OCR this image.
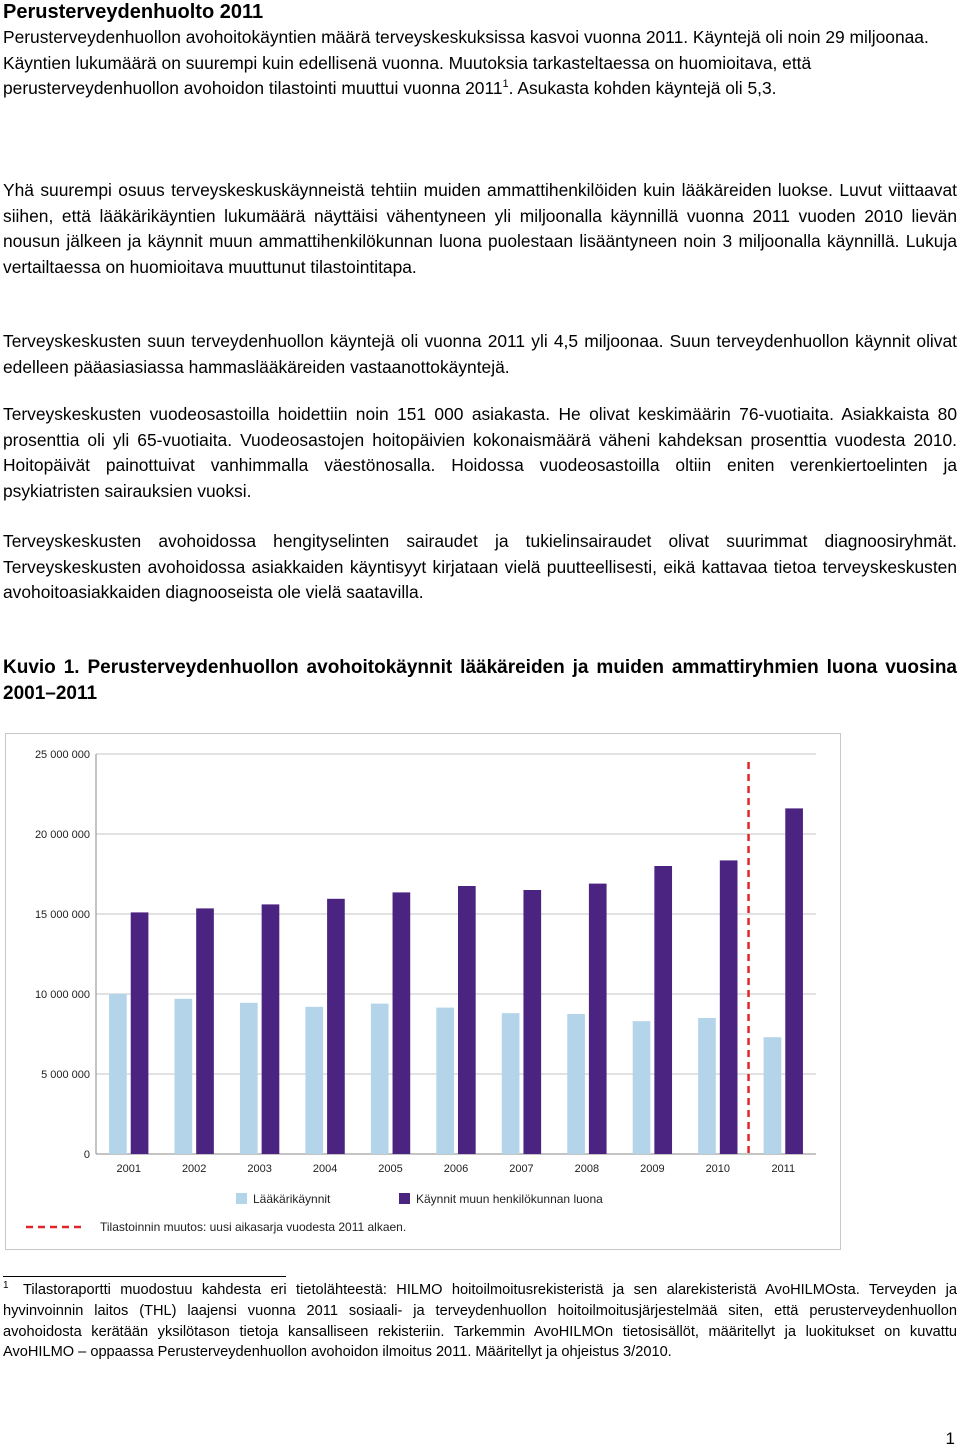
Perusterveydenhuolto 2011

Perusterveydenhuollon avohoitokäyntien määrä terveyskeskuksissa kasvoi vuonna 2011. Käyntejä oli noin 29 miljoonaa. Käyntien lukumäärä on suurempi kuin edellisenä vuonna. Muutoksia tarkasteltaessa on huomioitava, että perusterveydenhuollon avohoidon tilastointi muuttui vuonna 2011$^1$. Asukasta kohden käyntejä oli 5,3.

Yhä suurempi osuus terveyskeskuskäynneistä tehtiin muiden ammattihenkilöiden kuin lääkäreiden luokse. Luvut viittaavat siihen, että lääkärikäyntien lukumäärä näyttäisi vähentyneen yli miljoonalla käynnillä vuonna 2011 vuoden 2010 lievän nousun jälkeen ja käynnit muun ammattihenkilökunnan luona puolestaan lisääntyneen noin 3 miljoonalla käynnillä. Lukuja vertailtaessa on huomioitava muuttunut tilastointitapa.

Terveyskeskusten suun terveydenhuollon käyntejä oli vuonna 2011 yli 4,5 miljoonaa. Suun terveydenhuollon käynnit olivat edelleen pääasiasiassa hammaslääkäreiden vastaanottokäyntejä.

Terveyskeskusten vuodeosastoilla hoidettiin noin 151 000 asiakasta. He olivat keskimäärin 76-vuotiaita. Asiakkaista 80 prosenttia oli yli 65-vuotiaita. Vuodeosastojen hoitopäivien kokonaismäärä väheni kahdeksan prosenttia vuodesta 2010. Hoitopäivät painottuivat vanhimmalla väestönosalla. Hoidossa vuodeosastoilla oltiin eniten verenkiertoelinten ja psykiatristen sairauksien vuoksi.

Terveyskeskusten avohoidossa hengityselinten sairaudet ja tukielinsairaudet olivat suurimmat diagnoosiryhmät. Terveyskeskusten avohoidossa asiakkaiden käyntisyyt kirjataan vielä puutteellisesti, eikä kattavaa tietoa terveyskeskusten avohoitoasiakkaiden diagnooseista ole vielä saatavilla.

Kuvio 1. Perusterveydenhuollon avohoitokäynnit lääkäreiden ja muiden ammattiryhmien luona vuosina 2001–2011

0
5 000 000
10 000 000
15 000 000
20 000 000
25 000 000
2001	2002	2003	2004	2005	2006	2007	2008	2009	2010	2011
Lääkärikäynnit	Käynnit muun henkilökunnan luona
Tilastoinnin muutos: uusi aikasarja vuodesta 2011 alkaen.

1 Tilastoraportti muodostuu kahdesta eri tietolähteestä: HILMO hoitoilmoitusrekisteristä ja sen alarekisteristä AvoHILMOsta. Terveyden ja hyvinvoinnin laitos (THL) laajensi vuonna 2011 sosiaali- ja terveydenhuollon hoitoilmoitusjärjestelmää siten, että perusterveydenhuollon avohoidosta kerätään yksilötason tietoja kansalliseen rekisteriin. Tarkemmin AvoHILMOn tietosisällöt, määritellyt ja luokitukset on kuvattu AvoHILMO – oppaassa Perusterveydenhuollon avohoidon ilmoitus 2011. Määritellyt ja ohjeistus 3/2010.

1
